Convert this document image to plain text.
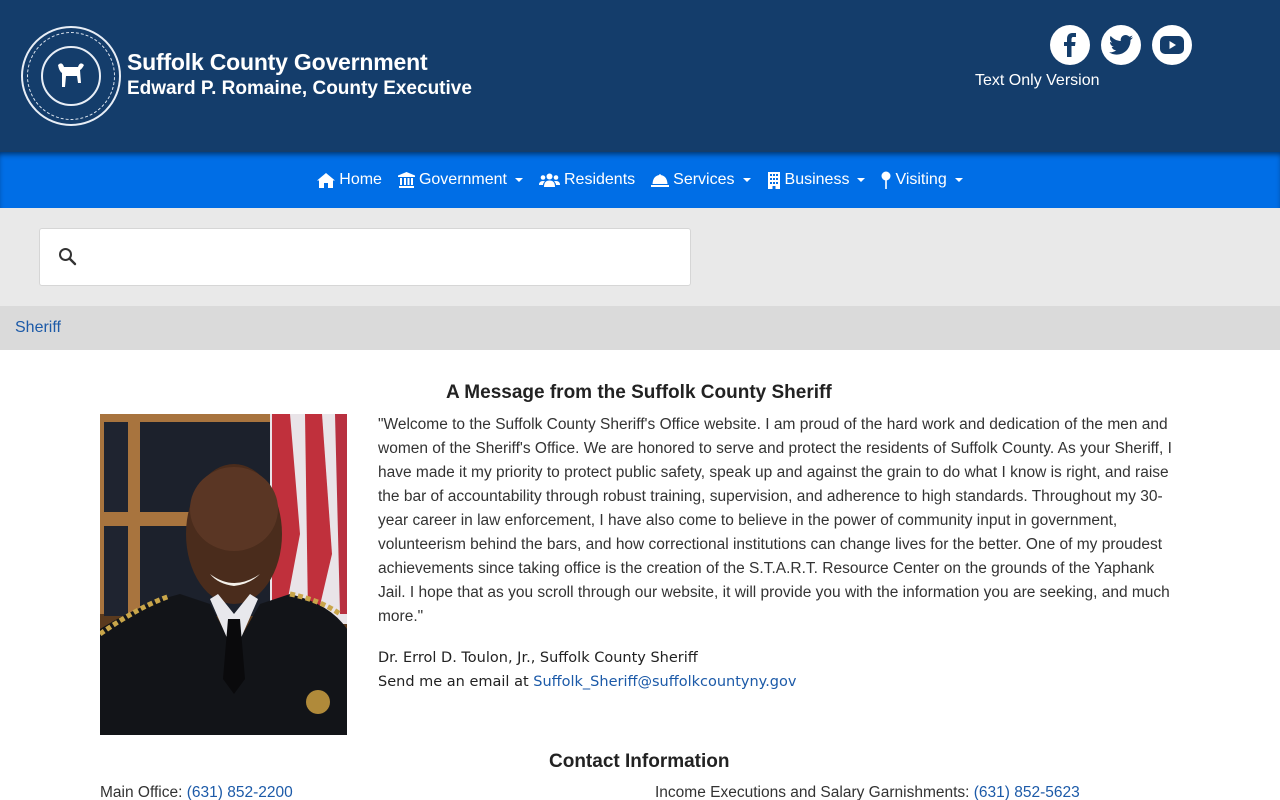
Suffolk County Government
Edward P. Romaine, County Executive	Text Only Version
Home Government	Residents Services	Business	Visiting
Sheriff
A Message from the Suffolk County Sheriff

"Welcome to the Suffolk County Sheriff's Office website. I am proud of the hard work and dedication of the men and women of the Sheriff's Office. We are honored to serve and protect the residents of Suffolk County. As your Sheriff, I have made it my priority to protect public safety, speak up and against the grain to do what I know is right, and raise the bar of accountability through robust training, supervision, and adherence to high standards. Throughout my 30-year career in law enforcement, I have also come to believe in the power of community input in government, volunteerism behind the bars, and how correctional institutions can change lives for the better. One of my proudest achievements since taking office is the creation of the S.T.A.R.T. Resource Center on the grounds of the Yaphank Jail. I hope that as you scroll through our website, it will provide you with the information you are seeking, and much more."

Dr. Errol D. Toulon, Jr., Suffolk County Sheriff
Send me an email at Suffolk_Sheriff@suffolkcountyny.gov
Contact Information
Main Office: (631) 852-2200	Income Executions and Salary Garnishments: (631) 852-5623
